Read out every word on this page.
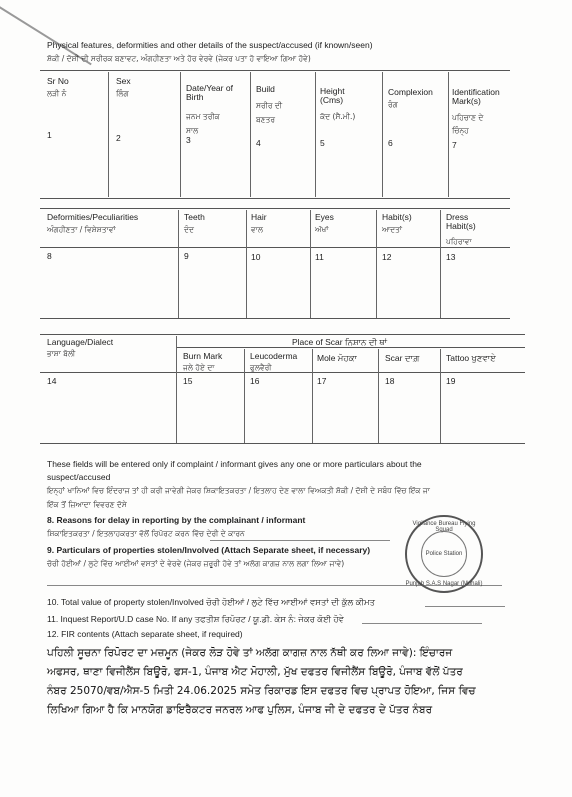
Physical features, deformities and other details of the suspect/accused (if known/seen)
ਸ਼ੱਕੀ / ਦੋਸ਼ੀ ਦੀ ਸਰੀਰਕ ਬਣਾਵਟ, ਅੰਗਹੀਣਤਾ ਅਤੇ ਹੋਰ ਵੇਰਵੇ (ਜੇਕਰ ਪਤਾ ਹੋ ਵਾਇਆ ਗਿਆ ਹੋਵੇ)
Sr No
ਲੜੀ ਨੰ
1
Sex
ਲਿੰਗ
2
Date/Year of Birth
ਜਨਮ ਤਰੀਕ ਸਾਲ
3
Build
ਸਰੀਰ ਦੀ ਬਣਤਰ
4
Height (Cms)
ਕੱਦ (ਸੈ.ਮੀ.)
5
Complexion
ਰੰਗ
6
Identification Mark(s)
ਪਹਿਚਾਣ ਦੇ ਚਿੰਨ੍ਹ
7
Deformities/Peculiarities
ਅੰਗਹੀਣਤਾ / ਵਿਸ਼ੇਸ਼ਤਾਵਾਂ
8
Teeth
ਦੰਦ
9
Hair
ਵਾਲ
10
Eyes
ਅੱਖਾਂ
11
Habit(s)
ਆਦਤਾਂ
12
Dress Habit(s)
ਪਹਿਰਾਵਾ
13
Language/Dialect
ਭਾਸ਼ਾ ਬੋਲੀ
14
Place of Scar ਨਿਸ਼ਾਨ ਦੀ ਥਾਂ
Burn Mark
ਜਲੇ ਹੋਏ ਦਾ
15
Leucoderma
ਫੁਲਵੈਰੀ
16
Mole ਮੋਹਕਾ
17
Scar ਦਾਗ਼
18
Tattoo ਖੁਣਵਾਏ
19
These fields will be entered only if complaint / informant gives any one or more particulars about the
suspect/accused
ਇਨ੍ਹਾਂ ਖਾਨਿਆਂ ਵਿਚ ਇੰਦਰਾਜ ਤਾਂ ਹੀ ਕਰੀ ਜਾਵੇਗੀ ਜੇਕਰ ਸ਼ਿਕਾਇਤਕਰਤਾ / ਇਤਲਾਹ ਦੇਣ ਵਾਲਾ ਵਿਅਕਤੀ ਸ਼ੱਕੀ / ਦੋਸ਼ੀ ਦੇ ਸਬੰਧ ਵਿੱਚ ਇੱਕ ਜਾ
ਇੱਕ ਤੋਂ ਜ਼ਿਆਦਾ ਵਿਵਰਣ ਦੱਸੇ
8. Reasons for delay in reporting by the complainant / informant
ਸ਼ਿਕਾਇਤਕਰਤਾ / ਇਤਲਾਹਕਰਤਾ ਵੱਲੋਂ ਰਿਪੋਰਟ ਕਰਨ ਵਿੱਚ ਦੇਰੀ ਦੇ ਕਾਰਨ
9. Particulars of properties stolen/Involved (Attach Separate sheet, if necessary)
ਚੋਰੀ ਹੋਈਆਂ / ਲੁਟੇ ਵਿੱਚ ਆਈਆਂ ਵਸਤਾਂ ਦੇ ਵੇਰਵੇ (ਜੇਕਰ ਜ਼ਰੂਰੀ ਹੋਵੇ ਤਾਂ ਅਲੱਗ ਕਾਗਜ਼ ਨਾਲ ਲਗਾ ਲਿਆ ਜਾਵੇ)
Vigilance Bureau Flying Squad
Police Station
Punjab S.A.S Nagar (Mohali)
10. Total value of property stolen/Involved ਚੋਰੀ ਹੋਈਆਂ / ਲੁਟੇ ਵਿੱਚ ਆਈਆਂ ਵਸਤਾਂ ਦੀ ਕੁੱਲ ਕੀਮਤ
11. Inquest Report/U.D case No. If any ਤਫਤੀਸ਼ ਰਿਪੋਰਟ / ਯੂ.ਡੀ. ਕੇਸ ਨੰ: ਜੇਕਰ ਕੋਈ ਹੋਵੇ
12. FIR contents (Attach separate sheet, if required)
ਪਹਿਲੀ ਸੂਚਨਾ ਰਿਪੋਰਟ ਦਾ ਮਜ਼ਮੂਨ (ਜੇਕਰ ਲੋੜ ਹੋਵੇ ਤਾਂ ਅਲੱਗ ਕਾਗਜ਼ ਨਾਲ ਨੱਥੀ ਕਰ ਲਿਆ ਜਾਵੇ): ਇੰਚਾਰਜ
ਅਫਸਰ, ਥਾਣਾ ਵਿਜੀਲੈਂਸ ਬਿਊਰੋ, ਫਸ-1, ਪੰਜਾਬ ਐਟ ਮੋਹਾਲੀ, ਮੁੱਖ ਦਫਤਰ ਵਿਜੀਲੈਂਸ ਬਿਊਰੋ, ਪੰਜਾਬ ਵੱਲੋਂ ਪੱਤਰ
ਨੰਬਰ 25070/ਵਬ/ਐਸ-5 ਮਿਤੀ 24.06.2025 ਸਮੇਤ ਰਿਕਾਰਡ ਇਸ ਦਫਤਰ ਵਿਚ ਪ੍ਰਾਪਤ ਹੋਇਆ, ਜਿਸ ਵਿਚ
ਲਿਖਿਆ ਗਿਆ ਹੈ ਕਿ ਮਾਨਯੋਗ ਡਾਇਰੈਕਟਰ ਜਨਰਲ ਆਫ ਪੁਲਿਸ, ਪੰਜਾਬ ਜੀ ਦੇ ਦਫਤਰ ਦੇ ਪੱਤਰ ਨੰਬਰ
